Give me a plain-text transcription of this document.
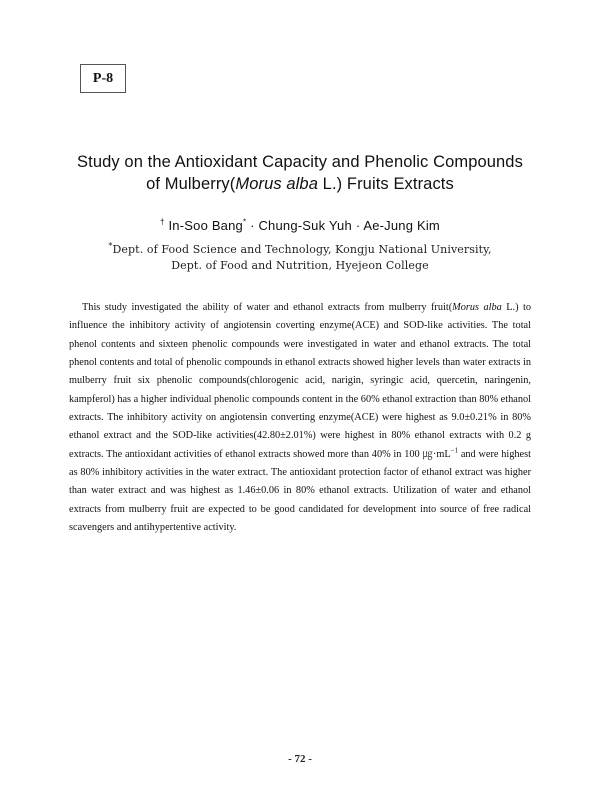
P-8
Study on the Antioxidant Capacity and Phenolic Compounds
of Mulberry(Morus alba L.) Fruits Extracts
† In-Soo Bang* · Chung-Suk Yuh · Ae-Jung Kim
*Dept. of Food Science and Technology, Kongju National University,
Dept. of Food and Nutrition, Hyejeon College
This study investigated the ability of water and ethanol extracts from mulberry fruit(Morus alba L.) to influence the inhibitory activity of angiotensin coverting enzyme(ACE) and SOD-like activities. The total phenol contents and sixteen phenolic compounds were investigated in water and ethanol extracts. The total phenol contents and total of phenolic compounds in ethanol extracts showed higher levels than water extracts in mulberry fruit six phenolic compounds(chlorogenic acid, narigin, syringic acid, quercetin, naringenin, kampferol) has a higher individual phenolic compounds content in the 60% ethanol extraction than 80% ethanol extracts. The inhibitory activity on angiotensin converting enzyme(ACE) were highest as 9.0±0.21% in 80% ethanol extract and the SOD-like activities(42.80±2.01%) were highest in 80% ethanol extracts with 0.2 g extracts. The antioxidant activities of ethanol extracts showed more than 40% in 100 $㎍\cdot mL^{-1}$ and were highest as 80% inhibitory activities in the water extract. The antioxidant protection factor of ethanol extract was higher than water extract and was highest as 1.46±0.06 in 80% ethanol extracts. Utilization of water and ethanol extracts from mulberry fruit are expected to be good candidated for development into source of free radical scavengers and antihypertentive activity.
- 72 -
